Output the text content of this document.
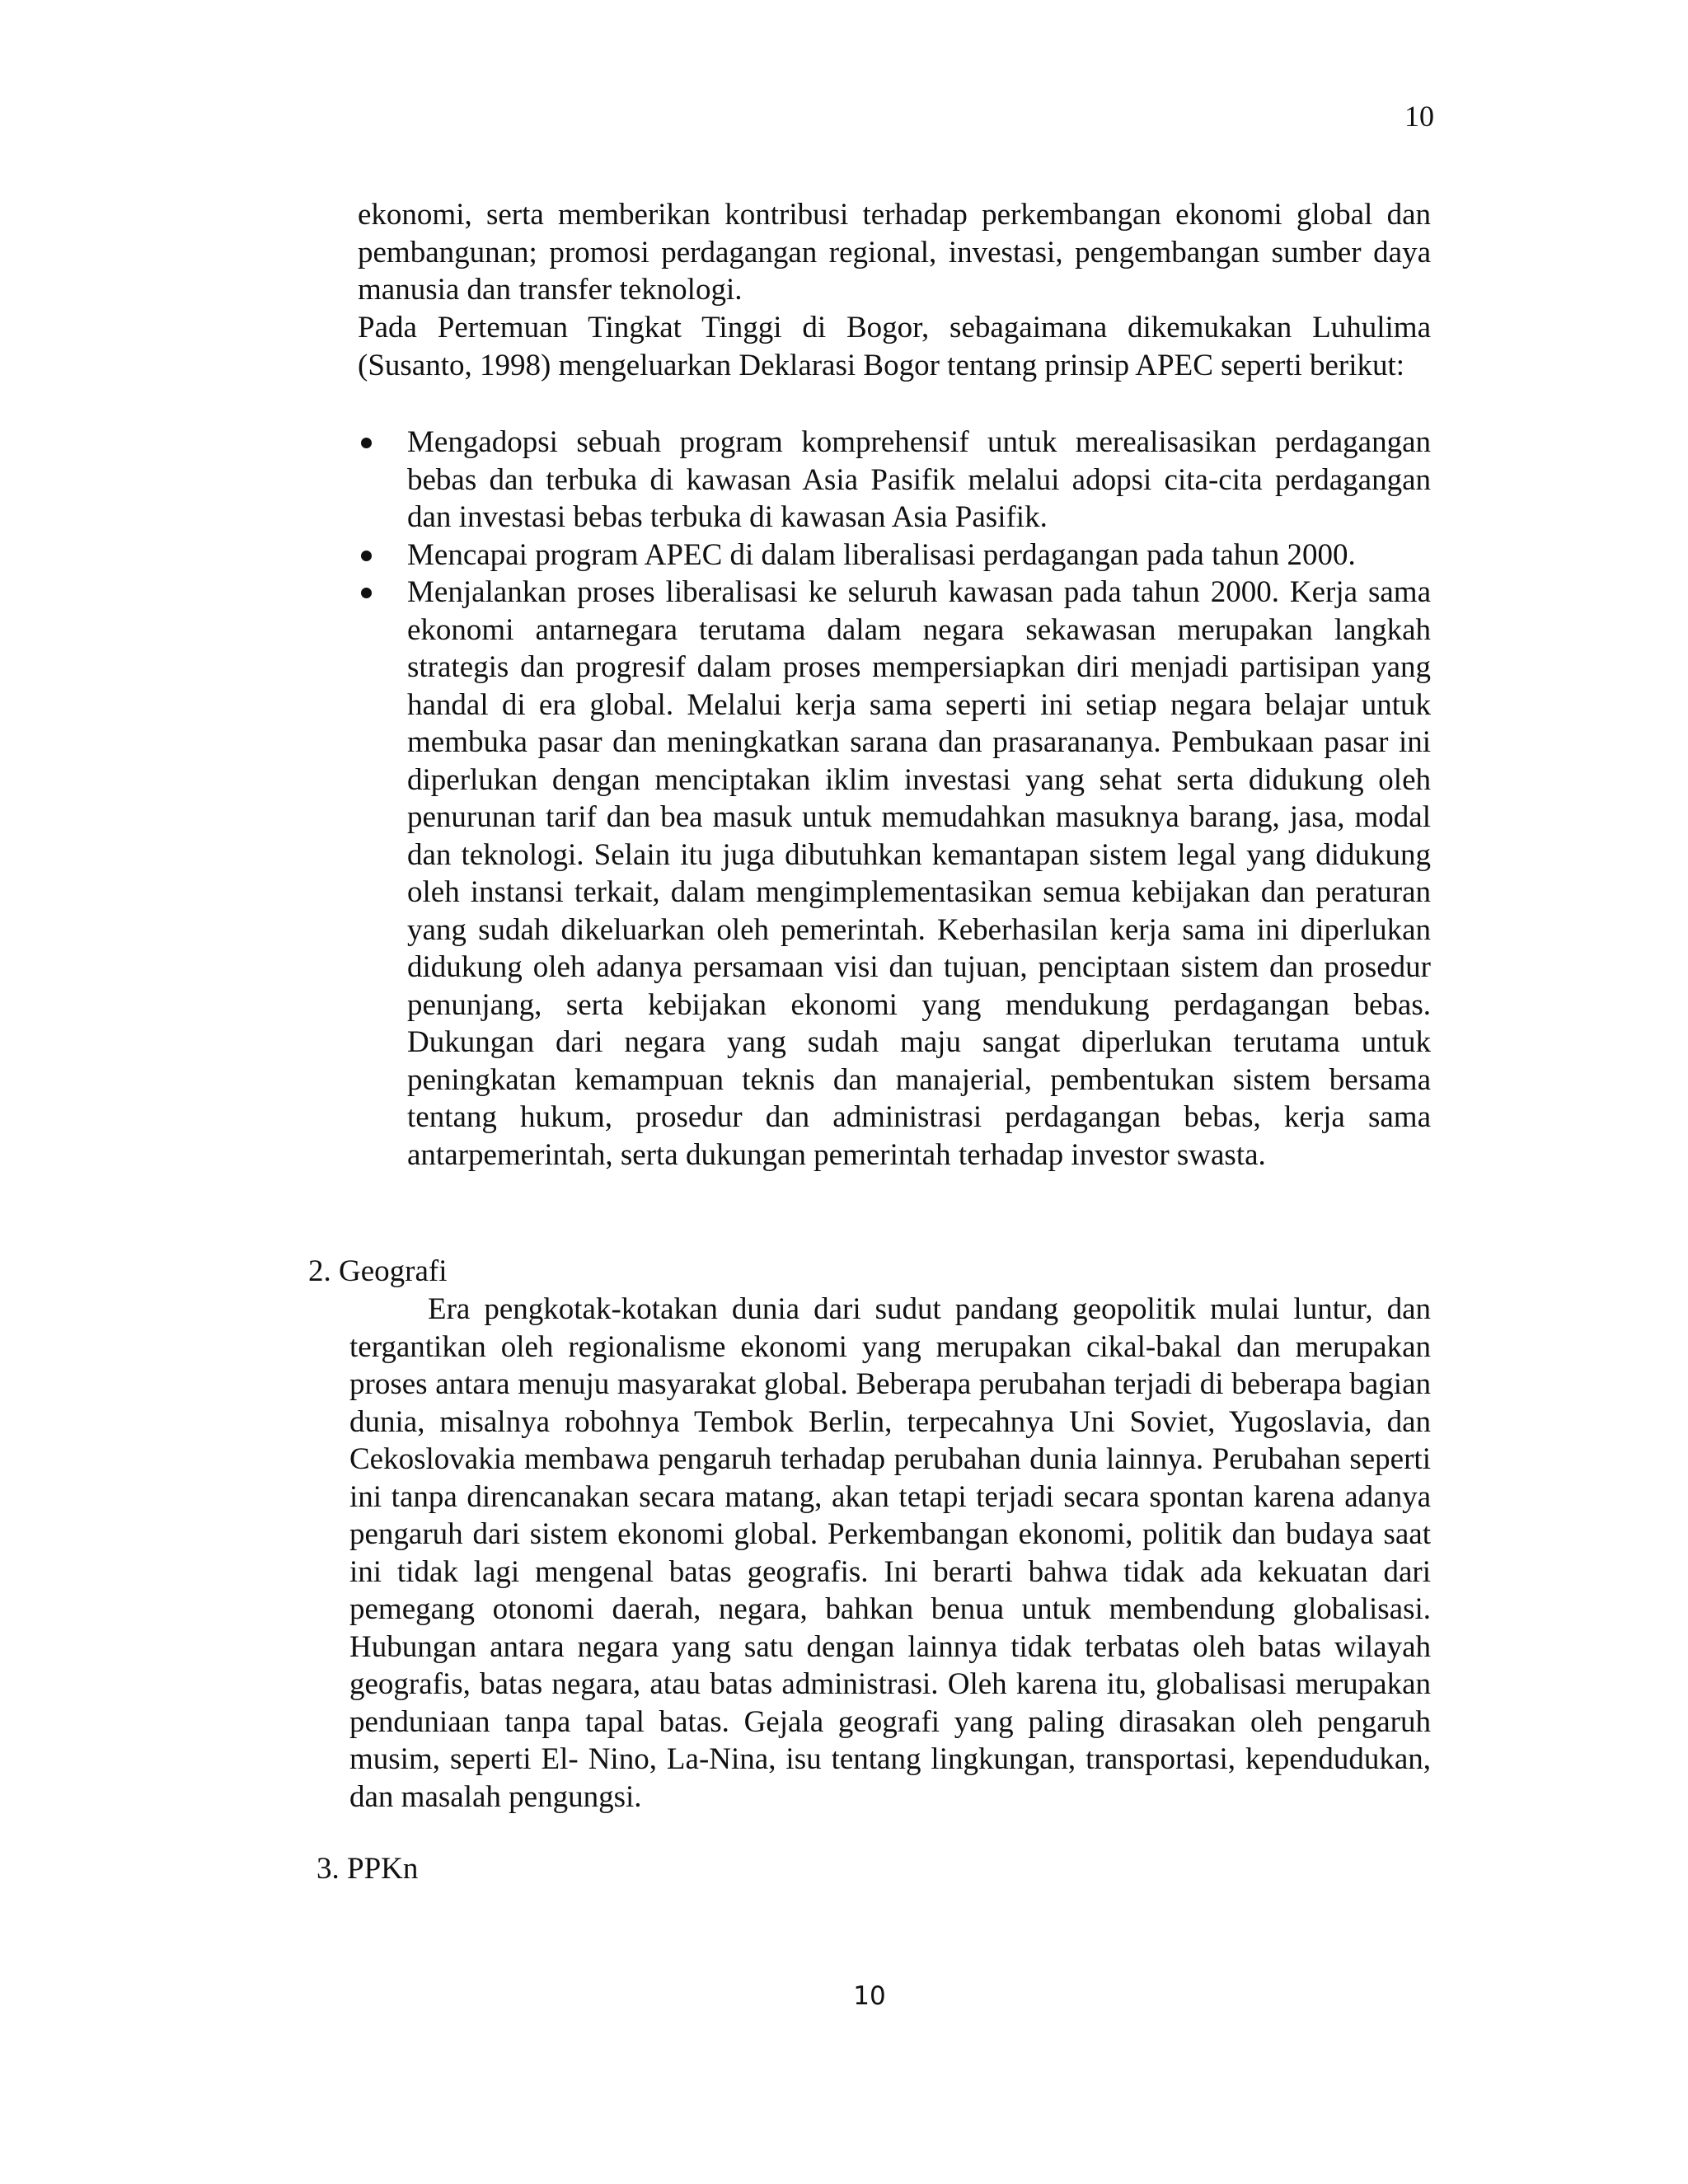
10

ekonomi, serta memberikan kontribusi terhadap perkembangan ekonomi global dan pembangunan; promosi perdagangan regional, investasi, pengembangan sumber daya manusia dan transfer teknologi.

Pada Pertemuan Tingkat Tinggi di Bogor, sebagaimana dikemukakan Luhulima (Susanto, 1998) mengeluarkan Deklarasi Bogor tentang prinsip APEC seperti berikut:

Mengadopsi sebuah program komprehensif untuk merealisasikan perdagangan bebas dan terbuka di kawasan Asia Pasifik melalui adopsi cita-cita perdagangan dan investasi bebas terbuka di kawasan Asia Pasifik.
Mencapai program APEC di dalam liberalisasi perdagangan pada tahun 2000.
Menjalankan proses liberalisasi ke seluruh kawasan pada tahun 2000. Kerja sama ekonomi antarnegara terutama dalam negara sekawasan merupakan langkah strategis dan progresif dalam proses mempersiapkan diri menjadi partisipan yang handal di era global. Melalui kerja sama seperti ini setiap negara belajar untuk membuka pasar dan meningkatkan sarana dan prasarananya. Pembukaan pasar ini diperlukan dengan menciptakan iklim investasi yang sehat serta didukung oleh penurunan tarif dan bea masuk untuk memudahkan masuknya barang, jasa, modal dan teknologi. Selain itu juga dibutuhkan kemantapan sistem legal yang didukung oleh instansi terkait, dalam mengimplementasikan semua kebijakan dan peraturan yang sudah dikeluarkan oleh pemerintah. Keberhasilan kerja sama ini diperlukan didukung oleh adanya persamaan visi dan tujuan, penciptaan sistem dan prosedur penunjang, serta kebijakan ekonomi yang mendukung perdagangan bebas. Dukungan dari negara yang sudah maju sangat diperlukan terutama untuk peningkatan kemampuan teknis dan manajerial, pembentukan sistem bersama tentang hukum, prosedur dan administrasi perdagangan bebas, kerja sama antarpemerintah, serta dukungan pemerintah terhadap investor swasta.
2. Geografi

Era pengkotak-kotakan dunia dari sudut pandang geopolitik mulai luntur, dan tergantikan oleh regionalisme ekonomi yang merupakan cikal-bakal dan merupakan proses antara menuju masyarakat global. Beberapa perubahan terjadi di beberapa bagian dunia, misalnya robohnya Tembok Berlin, terpecahnya Uni Soviet, Yugoslavia, dan Cekoslovakia membawa pengaruh terhadap perubahan dunia lainnya. Perubahan seperti ini tanpa direncanakan secara matang, akan tetapi terjadi secara spontan karena adanya pengaruh dari sistem ekonomi global. Perkembangan ekonomi, politik dan budaya saat ini tidak lagi mengenal batas geografis. Ini berarti bahwa tidak ada kekuatan dari pemegang otonomi daerah, negara, bahkan benua untuk membendung globalisasi. Hubungan antara negara yang satu dengan lainnya tidak terbatas oleh batas wilayah geografis, batas negara, atau batas administrasi. Oleh karena itu, globalisasi merupakan penduniaan tanpa tapal batas. Gejala geografi yang paling dirasakan oleh pengaruh musim, seperti El- Nino, La-Nina, isu tentang lingkungan, transportasi, kependudukan, dan masalah pengungsi.

3. PPKn
10
